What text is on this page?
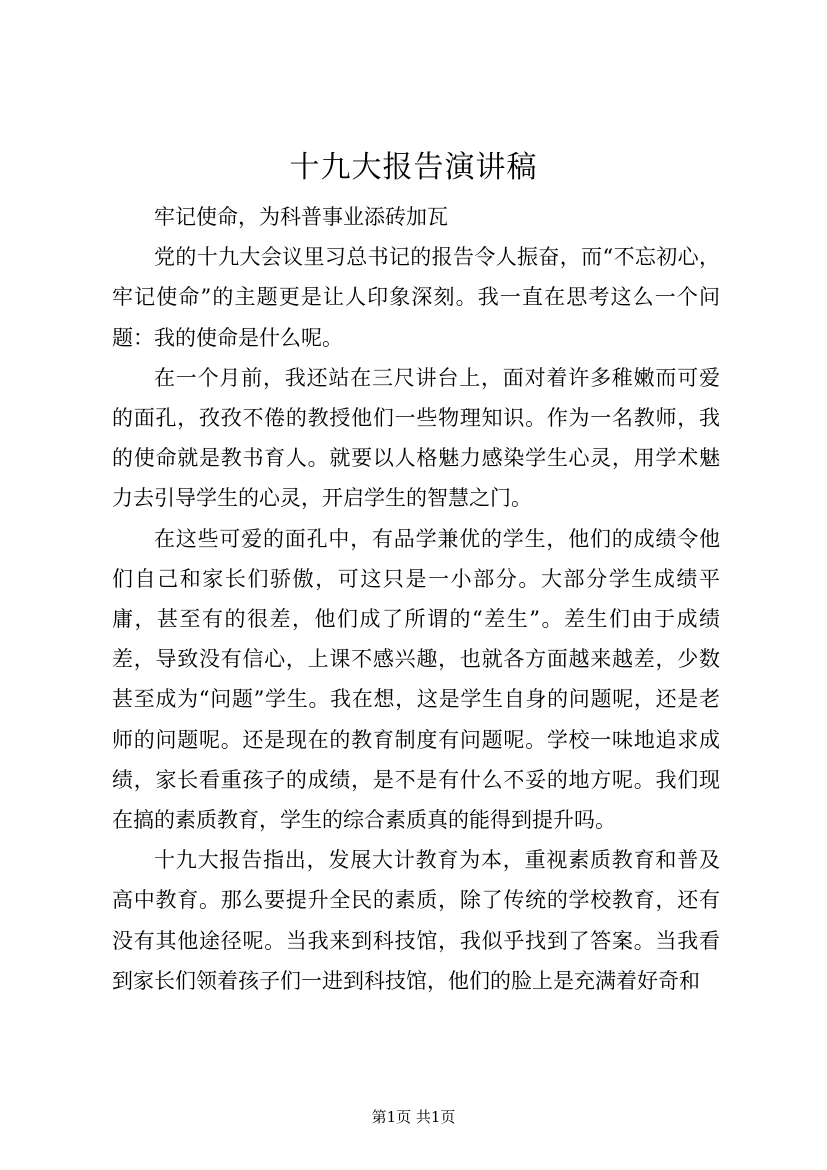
十九大报告演讲稿

牢记使命，为科普事业添砖加瓦

党的十九大会议里习总书记的报告令人振奋，而“不忘初心，牢记使命”的主题更是让人印象深刻。我一直在思考这么一个问题：我的使命是什么呢。

在一个月前，我还站在三尺讲台上，面对着许多稚嫩而可爱的面孔，孜孜不倦的教授他们一些物理知识。作为一名教师，我的使命就是教书育人。就要以人格魅力感染学生心灵，用学术魅力去引导学生的心灵，开启学生的智慧之门。

在这些可爱的面孔中，有品学兼优的学生，他们的成绩令他们自己和家长们骄傲，可这只是一小部分。大部分学生成绩平庸，甚至有的很差，他们成了所谓的“差生”。差生们由于成绩差，导致没有信心，上课不感兴趣，也就各方面越来越差，少数甚至成为“问题”学生。我在想，这是学生自身的问题呢，还是老师的问题呢。还是现在的教育制度有问题呢。学校一味地追求成绩，家长看重孩子的成绩，是不是有什么不妥的地方呢。我们现在搞的素质教育，学生的综合素质真的能得到提升吗。

十九大报告指出，发展大计教育为本，重视素质教育和普及高中教育。那么要提升全民的素质，除了传统的学校教育，还有没有其他途径呢。当我来到科技馆，我似乎找到了答案。当我看到家长们领着孩子们一进到科技馆，他们的脸上是充满着好奇和

第1页 共1页
